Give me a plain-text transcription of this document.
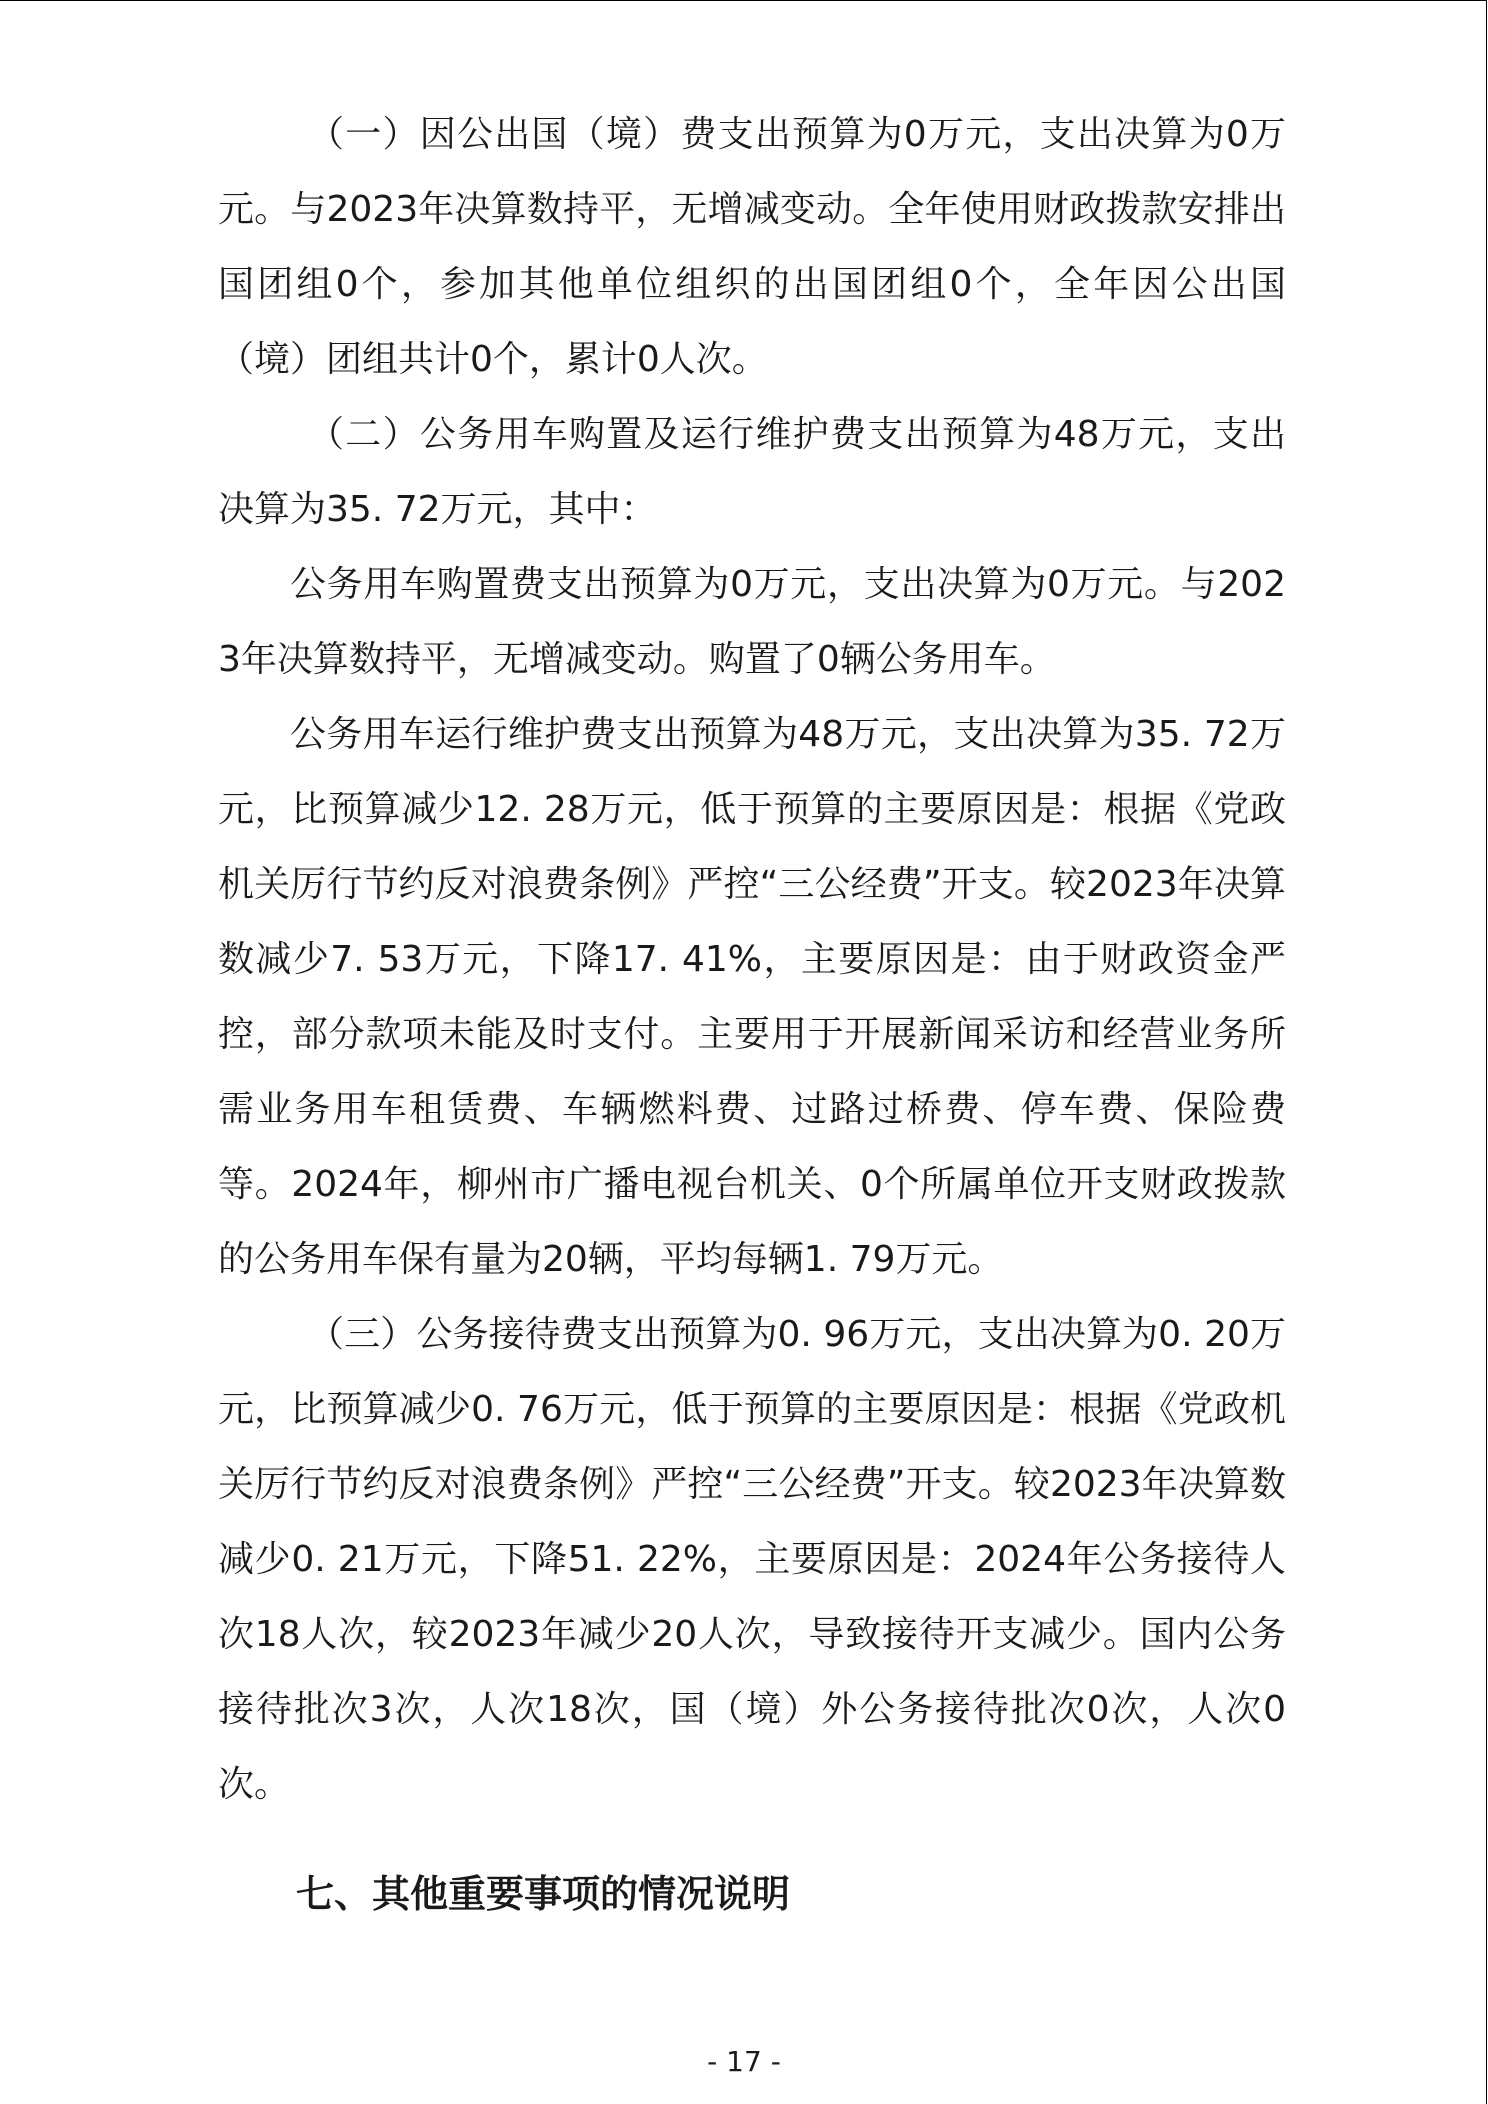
（一）因公出国（境）费支出预算为0万元，支出决算为0万元。与2023年决算数持平，无增减变动。全年使用财政拨款安排出国团组0个，参加其他单位组织的出国团组0个，全年因公出国（境）团组共计0个，累计0人次。

（二）公务用车购置及运行维护费支出预算为48万元，支出决算为35. 72万元，其中：

公务用车购置费支出预算为0万元，支出决算为0万元。与2023年决算数持平，无增减变动。购置了0辆公务用车。

公务用车运行维护费支出预算为48万元，支出决算为35. 72万元，比预算减少12. 28万元，低于预算的主要原因是：根据《党政机关厉行节约反对浪费条例》严控“三公经费”开支。较2023年决算数减少7. 53万元，下降17. 41%，主要原因是：由于财政资金严控，部分款项未能及时支付。主要用于开展新闻采访和经营业务所需业务用车租赁费、车辆燃料费、过路过桥费、停车费、保险费等。2024年，柳州市广播电视台机关、0个所属单位开支财政拨款的公务用车保有量为20辆，平均每辆1. 79万元。

（三）公务接待费支出预算为0. 96万元，支出决算为0. 20万元，比预算减少0. 76万元，低于预算的主要原因是：根据《党政机关厉行节约反对浪费条例》严控“三公经费”开支。较2023年决算数减少0. 21万元，下降51. 22%，主要原因是：2024年公务接待人次18人次，较2023年减少20人次，导致接待开支减少。国内公务接待批次3次，人次18次，国（境）外公务接待批次0次，人次0次。

七、其他重要事项的情况说明
- 17 -
